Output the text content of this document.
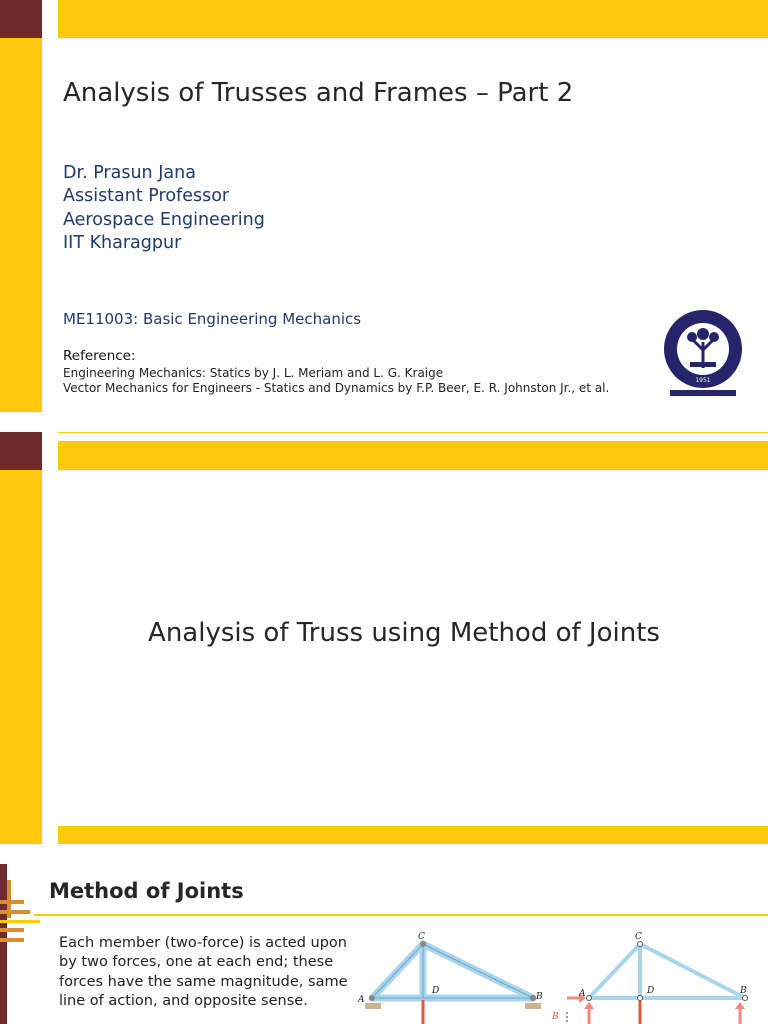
Analysis of Trusses and Frames – Part 2
Dr. Prasun Jana
Assistant Professor
Aerospace Engineering
IIT Kharagpur
ME11003: Basic Engineering Mechanics
Reference:
Engineering Mechanics: Statics by J. L. Meriam and L. G. Kraige
Vector Mechanics for Engineers - Statics and Dynamics by F.P. Beer, E. R. Johnston Jr., et al.
1951
Analysis of Truss using Method of Joints
Method of Joints
Each member (two-force) is acted upon by two forces, one at each end; these forces have the same magnitude, same line of action, and opposite sense.
C
A
D
B
C
A	D	B
B
